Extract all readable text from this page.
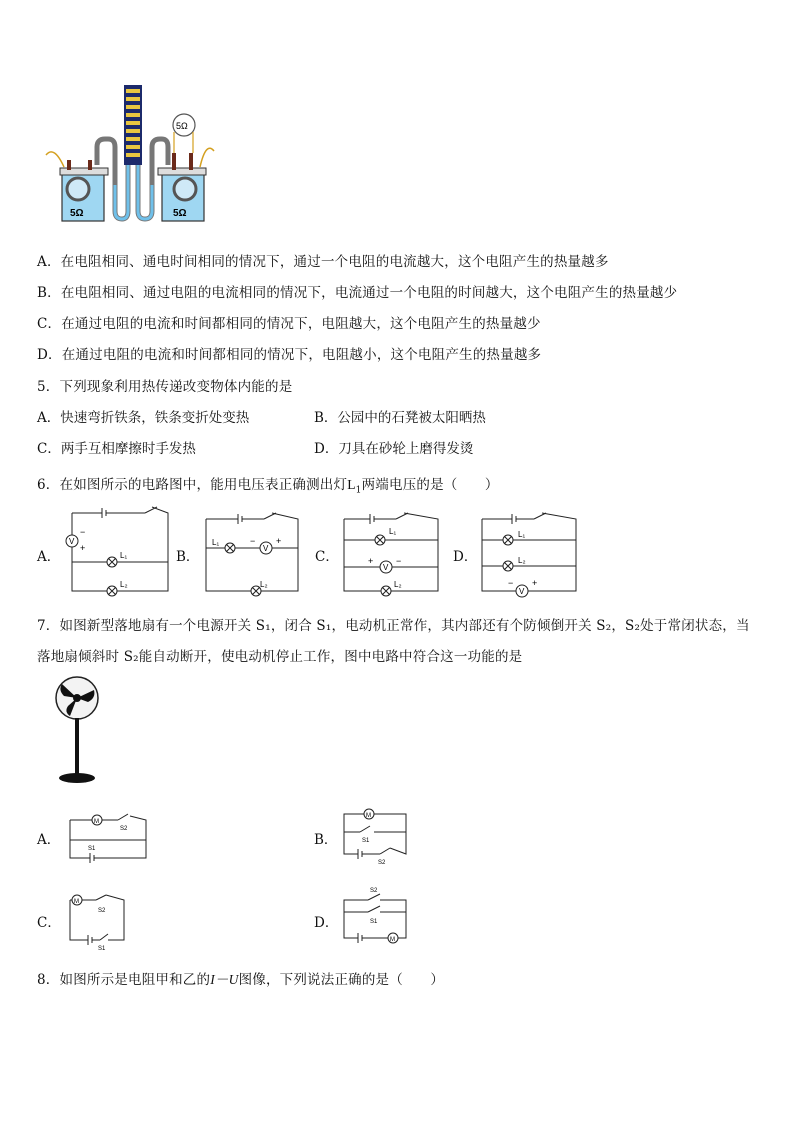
5Ω	5Ω
5Ω
A．在电阻相同、通电时间相同的情况下，通过一个电阻的电流越大，这个电阻产生的热量越多
B．在电阻相同、通过电阻的电流相同的情况下，电流通过一个电阻的时间越大，这个电阻产生的热量越少
C．在通过电阻的电流和时间都相同的情况下，电阻越大，这个电阻产生的热量越少
D．在通过电阻的电流和时间都相同的情况下，电阻越小，这个电阻产生的热量越多
5．下列现象利用热传递改变物体内能的是
A．快速弯折铁条，铁条变折处变热	B．公园中的石凳被太阳晒热
C．两手互相摩擦时手发热	D．刀具在砂轮上磨得发烫
6．在如图所示的电路图中，能用电压表正确测出灯$L_1$两端电压的是（　　）
A．	B．	C．	D．
V
−
+
L₁
L₂
L₁
V
− +
L₂
L₁
V
+	−
L₂
L₁
L₂
V
− +
7．如图新型落地扇有一个电源开关 S₁，闭合 S₁，电动机正常作，其内部还有个防倾倒开关 S₂，S₂处于常闭状态，当
落地扇倾斜时 S₂能自动断开，使电动机停止工作，图中电路中符合这一功能的是
A．	B．
C．	D．
M
S2
S1
M
S1
S2
M
S2
S1
S2
S1
M
8．如图所示是电阻甲和乙的I－U图像，下列说法正确的是（　　）
